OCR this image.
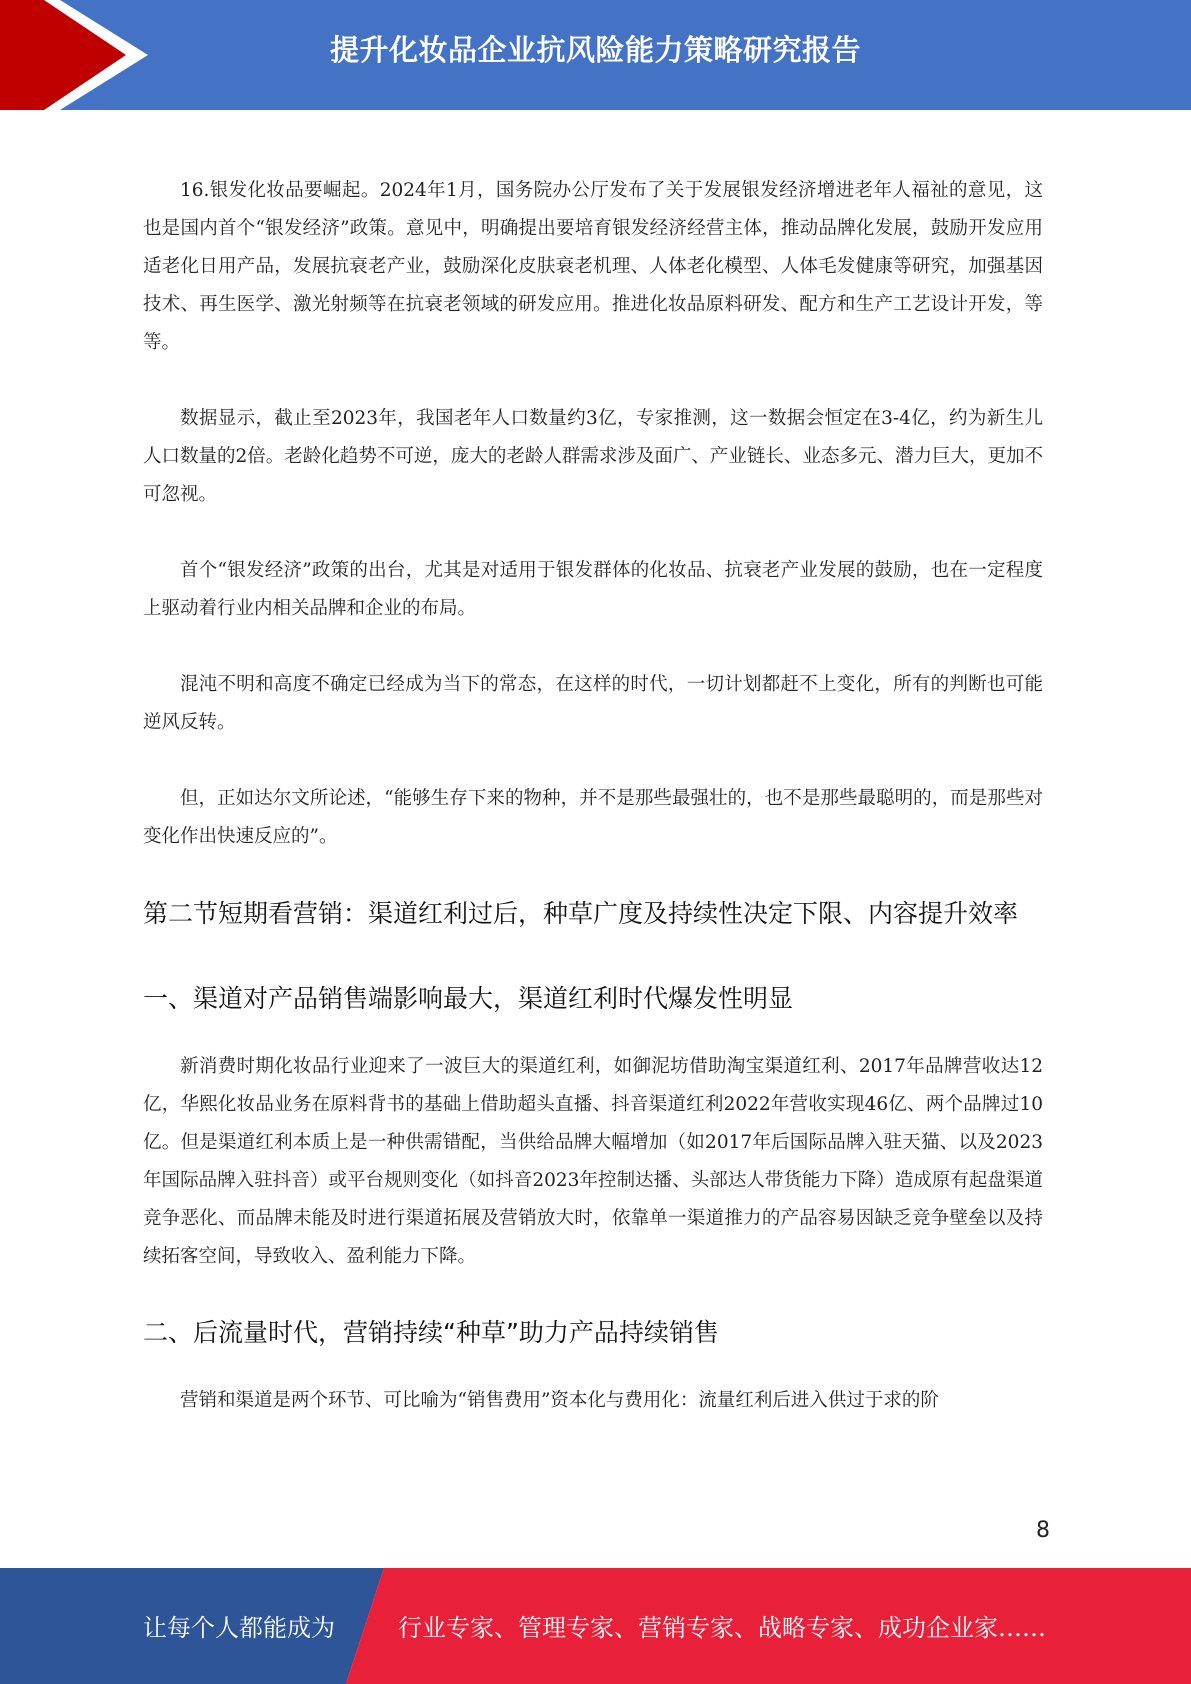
提升化妆品企业抗风险能力策略研究报告

16.银发化妆品要崛起。2024年1月，国务院办公厅发布了关于发展银发经济增进老年人福祉的意见，这也是国内首个“银发经济”政策。意见中，明确提出要培育银发经济经营主体，推动品牌化发展，鼓励开发应用适老化日用产品，发展抗衰老产业，鼓励深化皮肤衰老机理、人体老化模型、人体毛发健康等研究，加强基因技术、再生医学、激光射频等在抗衰老领域的研发应用。推进化妆品原料研发、配方和生产工艺设计开发，等等。

数据显示，截止至2023年，我国老年人口数量约3亿，专家推测，这一数据会恒定在3-4亿，约为新生儿人口数量的2倍。老龄化趋势不可逆，庞大的老龄人群需求涉及面广、产业链长、业态多元、潜力巨大，更加不可忽视。

首个“银发经济”政策的出台，尤其是对适用于银发群体的化妆品、抗衰老产业发展的鼓励，也在一定程度上驱动着行业内相关品牌和企业的布局。

混沌不明和高度不确定已经成为当下的常态，在这样的时代，一切计划都赶不上变化，所有的判断也可能逆风反转。

但，正如达尔文所论述，“能够生存下来的物种，并不是那些最强壮的，也不是那些最聪明的，而是那些对变化作出快速反应的”。

第二节短期看营销：渠道红利过后，种草广度及持续性决定下限、内容提升效率
一、渠道对产品销售端影响最大，渠道红利时代爆发性明显

新消费时期化妆品行业迎来了一波巨大的渠道红利，如御泥坊借助淘宝渠道红利、2017年品牌营收达12亿，华熙化妆品业务在原料背书的基础上借助超头直播、抖音渠道红利2022年营收实现46亿、两个品牌过10亿。但是渠道红利本质上是一种供需错配，当供给品牌大幅增加（如2017年后国际品牌入驻天猫、以及2023年国际品牌入驻抖音）或平台规则变化（如抖音2023年控制达播、头部达人带货能力下降）造成原有起盘渠道竞争恶化、而品牌未能及时进行渠道拓展及营销放大时，依靠单一渠道推力的产品容易因缺乏竞争壁垒以及持续拓客空间，导致收入、盈利能力下降。

二、后流量时代，营销持续“种草”助力产品持续销售

营销和渠道是两个环节、可比喻为“销售费用”资本化与费用化：流量红利后进入供过于求的阶

8
让每个人都能成为	行业专家、管理专家、营销专家、战略专家、成功企业家……
